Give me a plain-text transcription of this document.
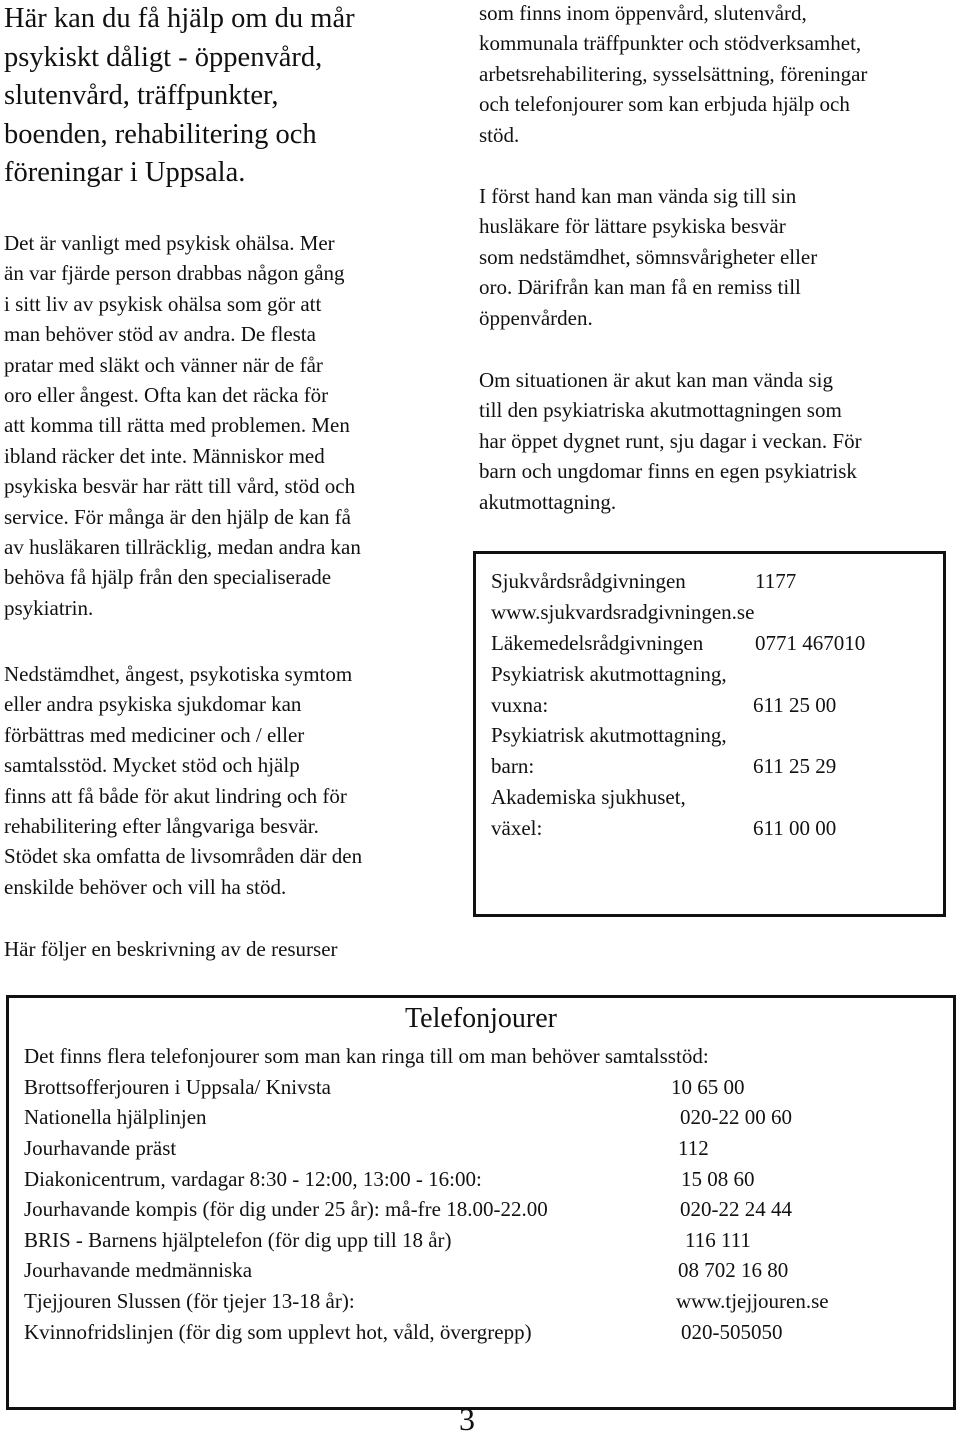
Här kan du få hjälp om du mår
psykiskt dåligt - öppenvård,
slutenvård, träffpunkter,
boenden, rehabilitering och
föreningar i Uppsala.

Det är vanligt med psykisk ohälsa. Mer
än var fjärde person drabbas någon gång
i sitt liv av psykisk ohälsa som gör att
man behöver stöd av andra. De flesta
pratar med släkt och vänner när de får
oro eller ångest. Ofta kan det räcka för
att komma till rätta med problemen. Men
ibland räcker det inte. Människor med
psykiska besvär har rätt till vård, stöd och
service. För många är den hjälp de kan få
av husläkaren tillräcklig, medan andra kan
behöva få hjälp från den specialiserade
psykiatrin.

Nedstämdhet, ångest, psykotiska symtom
eller andra psykiska sjukdomar kan
förbättras med mediciner och / eller
samtalsstöd. Mycket stöd och hjälp
finns att få både för akut lindring och för
rehabilitering efter långvariga besvär.
Stödet ska omfatta de livsområden där den
enskilde behöver och vill ha stöd.

Här följer en beskrivning av de resurser

som finns inom öppenvård, slutenvård,
kommunala träffpunkter och stödverksamhet,
arbetsrehabilitering, sysselsättning, föreningar
och telefonjourer som kan erbjuda hjälp och
stöd.

I först hand kan man vända sig till sin
husläkare för lättare psykiska besvär
som nedstämdhet, sömnsvårigheter eller
oro. Därifrån kan man få en remiss till
öppenvården.

Om situationen är akut kan man vända sig
till den psykiatriska akutmottagningen som
har öppet dygnet runt, sju dagar i veckan. För
barn och ungdomar finns en egen psykiatrisk
akutmottagning.

Sjukvårdsrådgivningen	1177
www.sjukvardsradgivningen.se
Läkemedelsrådgivningen 0771 467010
Psykiatrisk akutmottagning,
vuxna:	611 25 00
Psykiatrisk akutmottagning,
barn:	611 25 29
Akademiska sjukhuset,
växel:	611 00 00
Telefonjourer
Det finns flera telefonjourer som man kan ringa till om man behöver samtalsstöd:
Brottsofferjouren i Uppsala/ Knivsta	10 65 00
Nationella hjälplinjen	020-22 00 60
Jourhavande präst	112
Diakonicentrum, vardagar 8:30 - 12:00, 13:00 - 16:00:	15 08 60
Jourhavande kompis (för dig under 25 år): må-fre 18.00-22.00	020-22 24 44
BRIS - Barnens hjälptelefon (för dig upp till 18 år)	116 111
Jourhavande medmänniska	08 702 16 80
Tjejjouren Slussen (för tjejer 13-18 år):	www.tjejjouren.se
Kvinnofridslinjen (för dig som upplevt hot, våld, övergrepp)	020-505050
3
